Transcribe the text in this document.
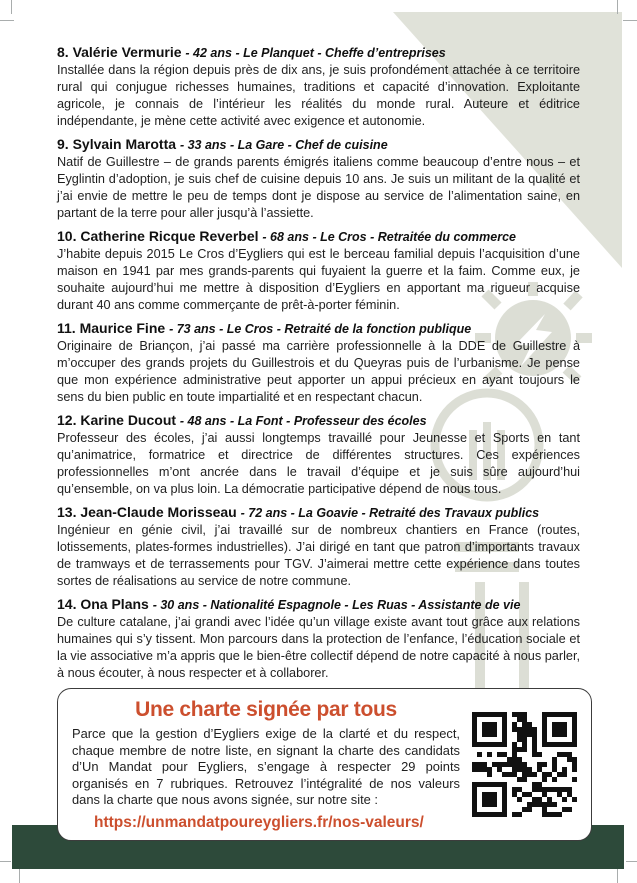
8. Valérie Vermurie - 42 ans - Le Planquet - Cheffe d’entreprises

Installée dans la région depuis près de dix ans, je suis profondément attachée à ce territoire rural qui conjugue richesses humaines, traditions et capacité d’innovation. Exploitante agricole, je connais de l’intérieur les réalités du monde rural. Auteure et éditrice indépendante, je mène cette activité avec exigence et autonomie.

9. Sylvain Marotta - 33 ans - La Gare - Chef de cuisine

Natif de Guillestre – de grands parents émigrés italiens comme beaucoup d’entre nous – et Eyglintin d’adoption, je suis chef de cuisine depuis 10 ans. Je suis un militant de la qualité et j’ai envie de mettre le peu de temps dont je dispose au service de l’alimentation saine, en partant de la terre pour aller jusqu’à l’assiette.

10. Catherine Ricque Reverbel - 68 ans - Le Cros - Retraitée du commerce

J’habite depuis 2015 Le Cros d’Eygliers qui est le berceau familial depuis l’acquisition d’une maison en 1941 par mes grands-parents qui fuyaient la guerre et la faim. Comme eux, je souhaite aujourd’hui me mettre à disposition d’Eygliers en apportant ma rigueur acquise durant 40 ans comme commerçante de prêt-à-porter féminin.

11. Maurice Fine - 73 ans - Le Cros - Retraité de la fonction publique

Originaire de Briançon, j’ai passé ma carrière professionnelle à la DDE de Guillestre à m’occuper des grands projets du Guillestrois et du Queyras puis de l’urbanisme. Je pense que mon expérience administrative peut apporter un appui précieux en ayant toujours le sens du bien public en toute impartialité et en respectant chacun.

12. Karine Ducout - 48 ans - La Font - Professeur des écoles

Professeur des écoles, j’ai aussi longtemps travaillé pour Jeunesse et Sports en tant qu’animatrice, formatrice et directrice de différentes structures. Ces expériences professionnelles m’ont ancrée dans le travail d’équipe et je suis sûre aujourd’hui qu’ensemble, on va plus loin. La démocratie participative dépend de nous tous.

13. Jean-Claude Morisseau - 72 ans - La Goavie - Retraité des Travaux publics

Ingénieur en génie civil, j’ai travaillé sur de nombreux chantiers en France (routes, lotissements, plates-formes industrielles). J’ai dirigé en tant que patron d’importants travaux de tramways et de terrassements pour TGV. J’aimerai mettre cette expérience dans toutes sortes de réalisations au service de notre commune.

14. Ona Plans - 30 ans - Nationalité Espagnole - Les Ruas - Assistante de vie

De culture catalane, j’ai grandi avec l’idée qu’un village existe avant tout grâce aux relations humaines qui s’y tissent. Mon parcours dans la protection de l’enfance, l’éducation sociale et la vie associative m’a appris que le bien-être collectif dépend de notre capacité à nous parler, à nous écouter, à nous respecter et à collaborer.

Une charte signée par tous

Parce que la gestion d’Eygliers exige de la clarté et du respect, chaque membre de notre liste, en signant la charte des candidats d’Un Mandat pour Eygliers, s’engage à respecter 29 points organisés en 7 rubriques. Retrouvez l’intégralité de nos valeurs dans la charte que nous avons signée, sur notre site :

https://unmandatpoureygliers.fr/nos-valeurs/
